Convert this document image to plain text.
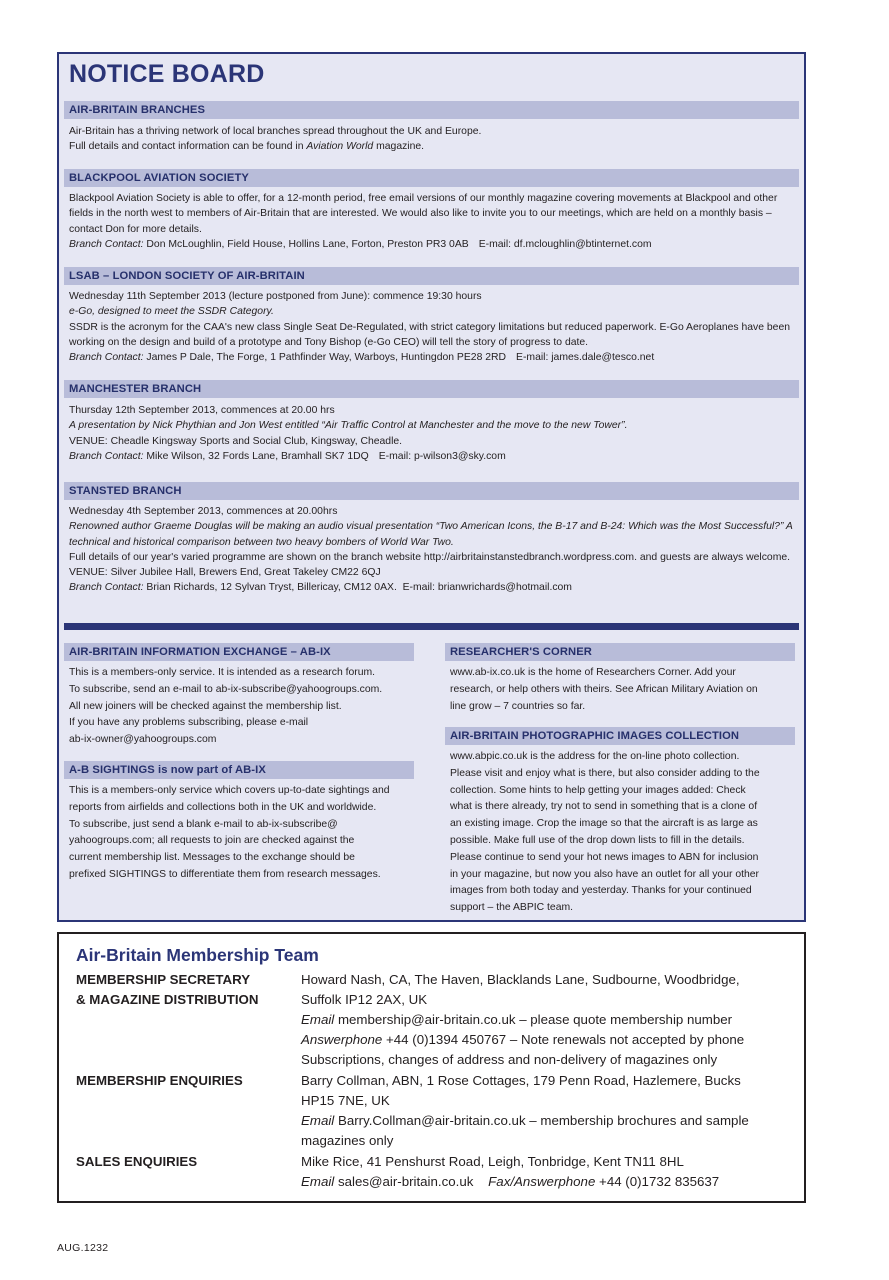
NOTICE BOARD
AIR-BRITAIN BRANCHES

Air-Britain has a thriving network of local branches spread throughout the UK and Europe.

Full details and contact information can be found in Aviation World magazine.

BLACKPOOL AVIATION SOCIETY

Blackpool Aviation Society is able to offer, for a 12-month period, free email versions of our monthly magazine covering movements at Blackpool and other fields in the north west to members of Air-Britain that are interested. We would also like to invite you to our meetings, which are held on a monthly basis – contact Don for more details.

Branch Contact: Don McLoughlin, Field House, Hollins Lane, Forton, Preston PR3 0AB E-mail: df.mcloughlin@btinternet.com

LSAB – LONDON SOCIETY OF AIR-BRITAIN

Wednesday 11th September 2013 (lecture postponed from June): commence 19:30 hours

e-Go, designed to meet the SSDR Category.

SSDR is the acronym for the CAA's new class Single Seat De-Regulated, with strict category limitations but reduced paperwork. E-Go Aeroplanes have been working on the design and build of a prototype and Tony Bishop (e-Go CEO) will tell the story of progress to date.

Branch Contact: James P Dale, The Forge, 1 Pathfinder Way, Warboys, Huntingdon PE28 2RD E-mail: james.dale@tesco.net

MANCHESTER BRANCH

Thursday 12th September 2013, commences at 20.00 hrs

A presentation by Nick Phythian and Jon West entitled “Air Traffic Control at Manchester and the move to the new Tower”.

VENUE: Cheadle Kingsway Sports and Social Club, Kingsway, Cheadle.

Branch Contact: Mike Wilson, 32 Fords Lane, Bramhall SK7 1DQ E-mail: p-wilson3@sky.com

STANSTED BRANCH

Wednesday 4th September 2013, commences at 20.00hrs

Renowned author Graeme Douglas will be making an audio visual presentation “Two American Icons, the B-17 and B-24: Which was the Most Successful?” A technical and historical comparison between two heavy bombers of World War Two.

Full details of our year's varied programme are shown on the branch website http://airbritainstanstedbranch.wordpress.com. and guests are always welcome.

VENUE: Silver Jubilee Hall, Brewers End, Great Takeley CM22 6QJ

Branch Contact: Brian Richards, 12 Sylvan Tryst, Billericay, CM12 0AX. E-mail: brianwrichards@hotmail.com

AIR-BRITAIN INFORMATION EXCHANGE – AB-IX

This is a members-only service. It is intended as a research forum.

To subscribe, send an e-mail to ab-ix-subscribe@yahoogroups.com.

All new joiners will be checked against the membership list.

If you have any problems subscribing, please e-mail

ab-ix-owner@yahoogroups.com

A-B SIGHTINGS is now part of AB-IX

This is a members-only service which covers up-to-date sightings and

reports from airfields and collections both in the UK and worldwide.

To subscribe, just send a blank e-mail to ab-ix-subscribe@

yahoogroups.com; all requests to join are checked against the

current membership list. Messages to the exchange should be

prefixed SIGHTINGS to differentiate them from research messages.

RESEARCHER'S CORNER

www.ab-ix.co.uk is the home of Researchers Corner. Add your

research, or help others with theirs. See African Military Aviation on

line grow – 7 countries so far.

AIR-BRITAIN PHOTOGRAPHIC IMAGES COLLECTION

www.abpic.co.uk is the address for the on-line photo collection.

Please visit and enjoy what is there, but also consider adding to the

collection. Some hints to help getting your images added: Check

what is there already, try not to send in something that is a clone of

an existing image. Crop the image so that the aircraft is as large as

possible. Make full use of the drop down lists to fill in the details.

Please continue to send your hot news images to ABN for inclusion

in your magazine, but now you also have an outlet for all your other

images from both today and yesterday. Thanks for your continued

support – the ABPIC team.

Air-Britain Membership Team
MEMBERSHIP SECRETARY	Howard Nash, CA, The Haven, Blacklands Lane, Sudbourne, Woodbridge,
& MAGAZINE DISTRIBUTION	Suffolk IP12 2AX, UK
Email membership@air-britain.co.uk – please quote membership number
Answerphone +44 (0)1394 450767 – Note renewals not accepted by phone
Subscriptions, changes of address and non-delivery of magazines only
MEMBERSHIP ENQUIRIES	Barry Collman, ABN, 1 Rose Cottages, 179 Penn Road, Hazlemere, Bucks
HP15 7NE, UK
Email Barry.Collman@air-britain.co.uk – membership brochures and sample
magazines only
SALES ENQUIRIES	Mike Rice, 41 Penshurst Road, Leigh, Tonbridge, Kent TN11 8HL
Email sales@air-britain.co.uk Fax/Answerphone +44 (0)1732 835637
AUG.1232
